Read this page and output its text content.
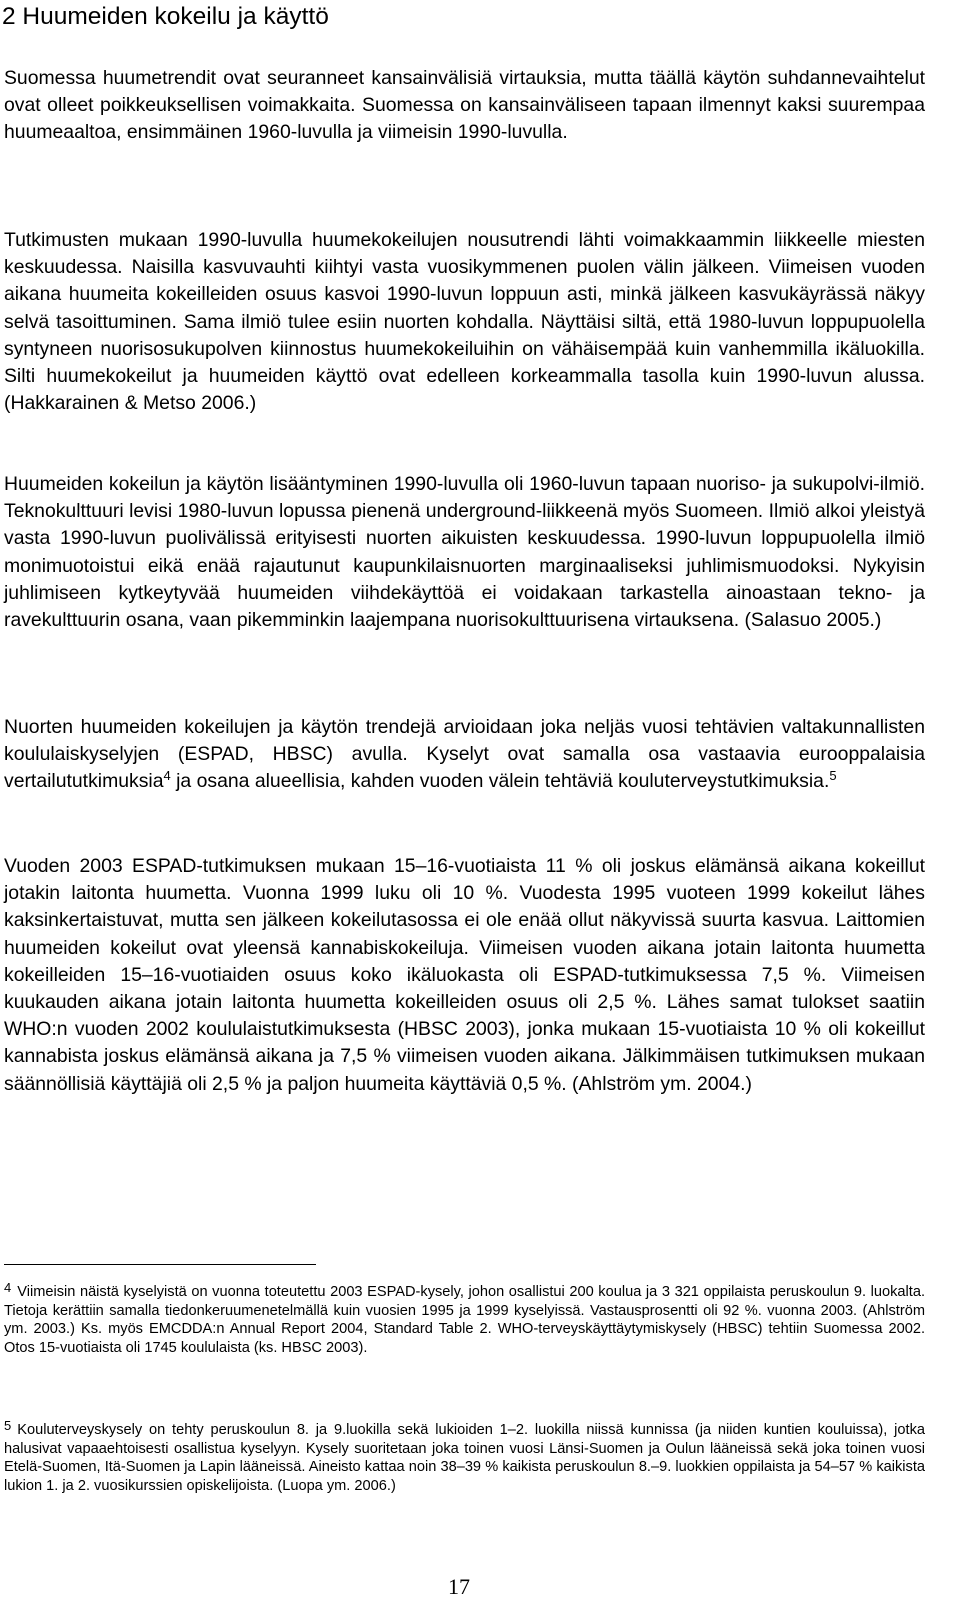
2 Huumeiden kokeilu ja käyttö

Suomessa huumetrendit ovat seuranneet kansainvälisiä virtauksia, mutta täällä käytön suhdannevaihtelut ovat olleet poikkeuksellisen voimakkaita. Suomessa on kansainväliseen tapaan ilmennyt kaksi suurempaa huumeaaltoa, ensimmäinen 1960-luvulla ja viimeisin 1990-luvulla.

Tutkimusten mukaan 1990-luvulla huumekokeilujen nousutrendi lähti voimakkaammin liikkeelle miesten keskuudessa. Naisilla kasvuvauhti kiihtyi vasta vuosikymmenen puolen välin jälkeen. Viimeisen vuoden aikana huumeita kokeilleiden osuus kasvoi 1990-luvun loppuun asti, minkä jälkeen kasvukäyrässä näkyy selvä tasoittuminen. Sama ilmiö tulee esiin nuorten kohdalla. Näyttäisi siltä, että 1980-luvun loppupuolella syntyneen nuorisosukupolven kiinnostus huumekokeiluihin on vähäisempää kuin vanhemmilla ikäluokilla. Silti huumekokeilut ja huumeiden käyttö ovat edelleen korkeammalla tasolla kuin 1990-luvun alussa. (Hakkarainen & Metso 2006.)

Huumeiden kokeilun ja käytön lisääntyminen 1990-luvulla oli 1960-luvun tapaan nuoriso- ja sukupolvi-ilmiö. Teknokulttuuri levisi 1980-luvun lopussa pienenä underground-liikkeenä myös Suomeen. Ilmiö alkoi yleistyä vasta 1990-luvun puolivälissä erityisesti nuorten aikuisten keskuudessa. 1990-luvun loppupuolella ilmiö monimuotoistui eikä enää rajautunut kaupunkilaisnuorten marginaaliseksi juhlimismuodoksi. Nykyisin juhlimiseen kytkeytyvää huumeiden viihdekäyttöä ei voidakaan tarkastella ainoastaan tekno- ja ravekulttuurin osana, vaan pikemminkin laajempana nuorisokulttuurisena virtauksena. (Salasuo 2005.)

Nuorten huumeiden kokeilujen ja käytön trendejä arvioidaan joka neljäs vuosi tehtävien valtakunnallisten koululaiskyselyjen (ESPAD, HBSC) avulla. Kyselyt ovat samalla osa vastaavia eurooppalaisia vertailututkimuksia$^4$ ja osana alueellisia, kahden vuoden välein tehtäviä kouluterveystutkimuksia.$^5$

Vuoden 2003 ESPAD-tutkimuksen mukaan 15–16-vuotiaista 11 % oli joskus elämänsä aikana kokeillut jotakin laitonta huumetta. Vuonna 1999 luku oli 10 %. Vuodesta 1995 vuoteen 1999 kokeilut lähes kaksinkertaistuvat, mutta sen jälkeen kokeilutasossa ei ole enää ollut näkyvissä suurta kasvua. Laittomien huumeiden kokeilut ovat yleensä kannabiskokeiluja. Viimeisen vuoden aikana jotain laitonta huumetta kokeilleiden 15–16-vuotiaiden osuus koko ikäluokasta oli ESPAD-tutkimuksessa 7,5 %. Viimeisen kuukauden aikana jotain laitonta huumetta kokeilleiden osuus oli 2,5 %. Lähes samat tulokset saatiin WHO:n vuoden 2002 koululaistutkimuksesta (HBSC 2003), jonka mukaan 15-vuotiaista 10 % oli kokeillut kannabista joskus elämänsä aikana ja 7,5 % viimeisen vuoden aikana. Jälkimmäisen tutkimuksen mukaan säännöllisiä käyttäjiä oli 2,5 % ja paljon huumeita käyttäviä 0,5 %. (Ahlström ym. 2004.)

4 Viimeisin näistä kyselyistä on vuonna toteutettu 2003 ESPAD-kysely, johon osallistui 200 koulua ja 3 321 oppilaista peruskoulun 9. luokalta. Tietoja kerättiin samalla tiedonkeruumenetelmällä kuin vuosien 1995 ja 1999 kyselyissä. Vastausprosentti oli 92 %. vuonna 2003. (Ahlström ym. 2003.) Ks. myös EMCDDA:n Annual Report 2004, Standard Table 2. WHO-terveyskäyttäytymiskysely (HBSC) tehtiin Suomessa 2002. Otos 15-vuotiaista oli 1745 koululaista (ks. HBSC 2003).

5 Kouluterveyskysely on tehty peruskoulun 8. ja 9.luokilla sekä lukioiden 1–2. luokilla niissä kunnissa (ja niiden kuntien kouluissa), jotka halusivat vapaaehtoisesti osallistua kyselyyn. Kysely suoritetaan joka toinen vuosi Länsi-Suomen ja Oulun lääneissä sekä joka toinen vuosi Etelä-Suomen, Itä-Suomen ja Lapin lääneissä. Aineisto kattaa noin 38–39 % kaikista peruskoulun 8.–9. luokkien oppilaista ja 54–57 % kaikista lukion 1. ja 2. vuosikurssien opiskelijoista. (Luopa ym. 2006.)

17
